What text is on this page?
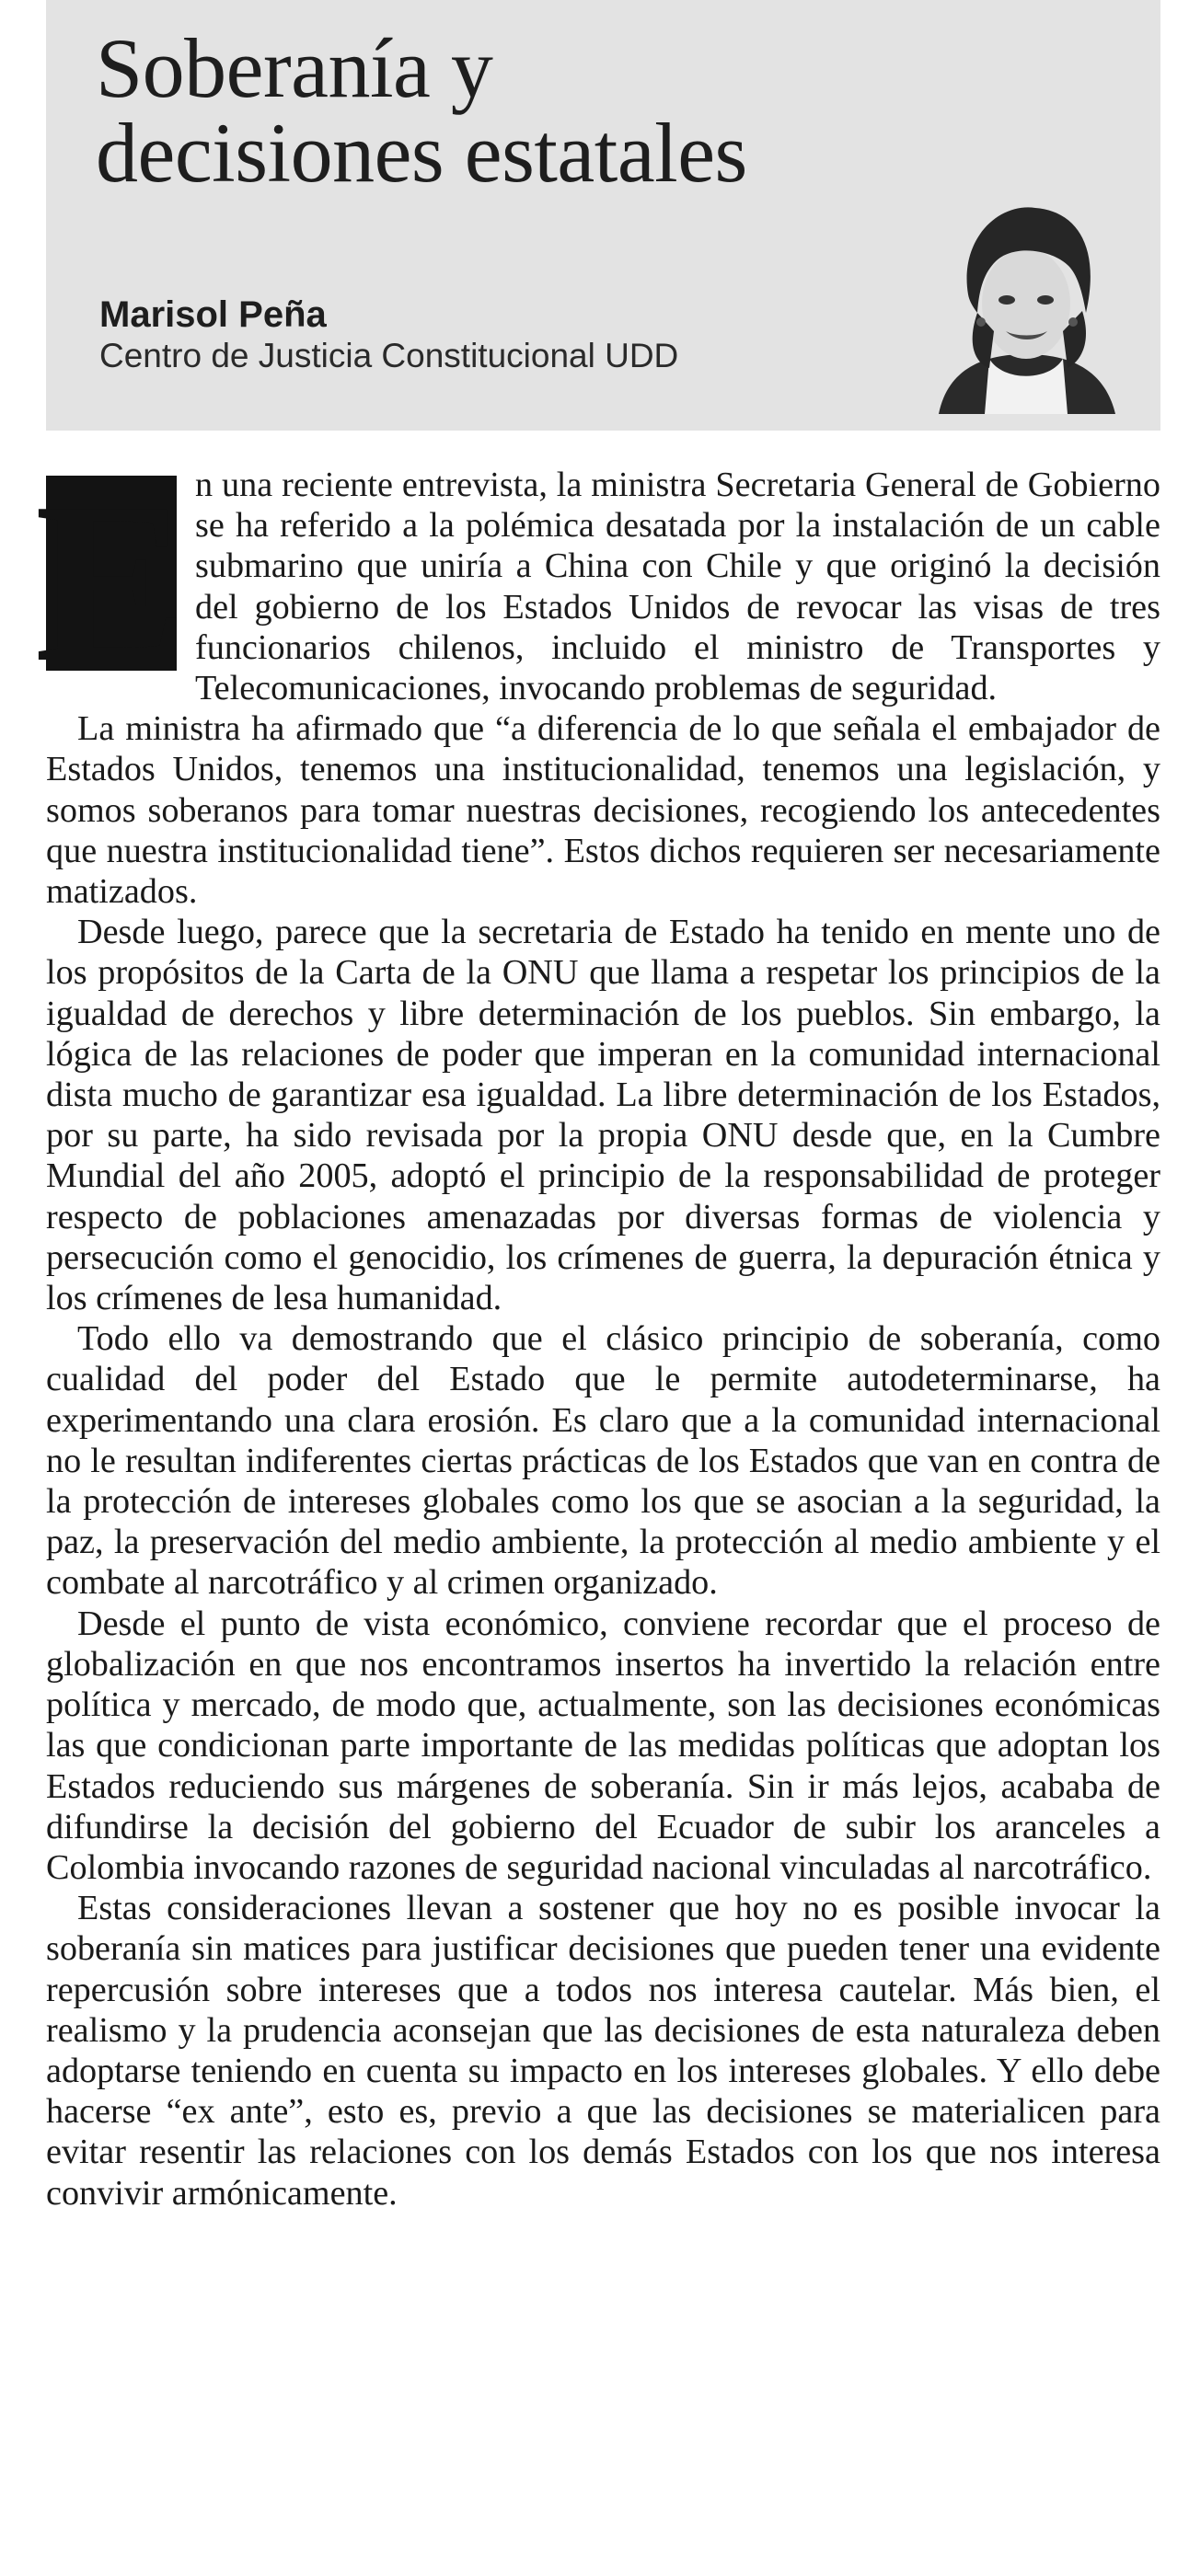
Soberanía y
decisiones estatales
Marisol Peña
Centro de Justicia Constitucional UDD

E n una reciente entrevista, la ministra Secretaria General de Gobierno se ha referido a la polémica desatada por la instalación de un cable submarino que uniría a China con Chile y que originó la decisión del gobierno de los Estados Unidos de revocar las visas de tres funcionarios chilenos, incluido el ministro de Transportes y Telecomunicaciones, invocando problemas de seguridad.

La ministra ha afirmado que “a diferencia de lo que señala el embajador de Estados Unidos, tenemos una institucionalidad, tenemos una legislación, y somos soberanos para tomar nuestras decisiones, recogiendo los antecedentes que nuestra institucionalidad tiene”. Estos dichos requieren ser necesariamente matizados.

Desde luego, parece que la secretaria de Estado ha tenido en mente uno de los propósitos de la Carta de la ONU que llama a respetar los principios de la igualdad de derechos y libre determinación de los pueblos. Sin embargo, la lógica de las relaciones de poder que imperan en la comunidad internacional dista mucho de garantizar esa igualdad. La libre determinación de los Estados, por su parte, ha sido revisada por la propia ONU desde que, en la Cumbre Mundial del año 2005, adoptó el principio de la responsabilidad de proteger respecto de poblaciones amenazadas por diversas formas de violencia y persecución como el genocidio, los crímenes de guerra, la depuración étnica y los crímenes de lesa humanidad.

Todo ello va demostrando que el clásico principio de soberanía, como cualidad del poder del Estado que le permite autodeterminarse, ha experimentando una clara erosión. Es claro que a la comunidad internacional no le resultan indiferentes ciertas prácticas de los Estados que van en contra de la protección de intereses globales como los que se asocian a la seguridad, la paz, la preservación del medio ambiente, la protección al medio ambiente y el combate al narcotráfico y al crimen organizado.

Desde el punto de vista económico, conviene recordar que el proceso de globalización en que nos encontramos insertos ha invertido la relación entre política y mercado, de modo que, actualmente, son las decisiones económicas las que condicionan parte importante de las medidas políticas que adoptan los Estados reduciendo sus márgenes de soberanía. Sin ir más lejos, acababa de difundirse la decisión del gobierno del Ecuador de subir los aranceles a Colombia invocando razones de seguridad nacional vinculadas al narcotráfico.

Estas consideraciones llevan a sostener que hoy no es posible invocar la soberanía sin matices para justificar decisiones que pueden tener una evidente repercusión sobre intereses que a todos nos interesa cautelar. Más bien, el realismo y la prudencia aconsejan que las decisiones de esta naturaleza deben adoptarse teniendo en cuenta su impacto en los intereses globales. Y ello debe hacerse “ex ante”, esto es, previo a que las decisiones se materialicen para evitar resentir las relaciones con los demás Estados con los que nos interesa convivir armónicamente.
